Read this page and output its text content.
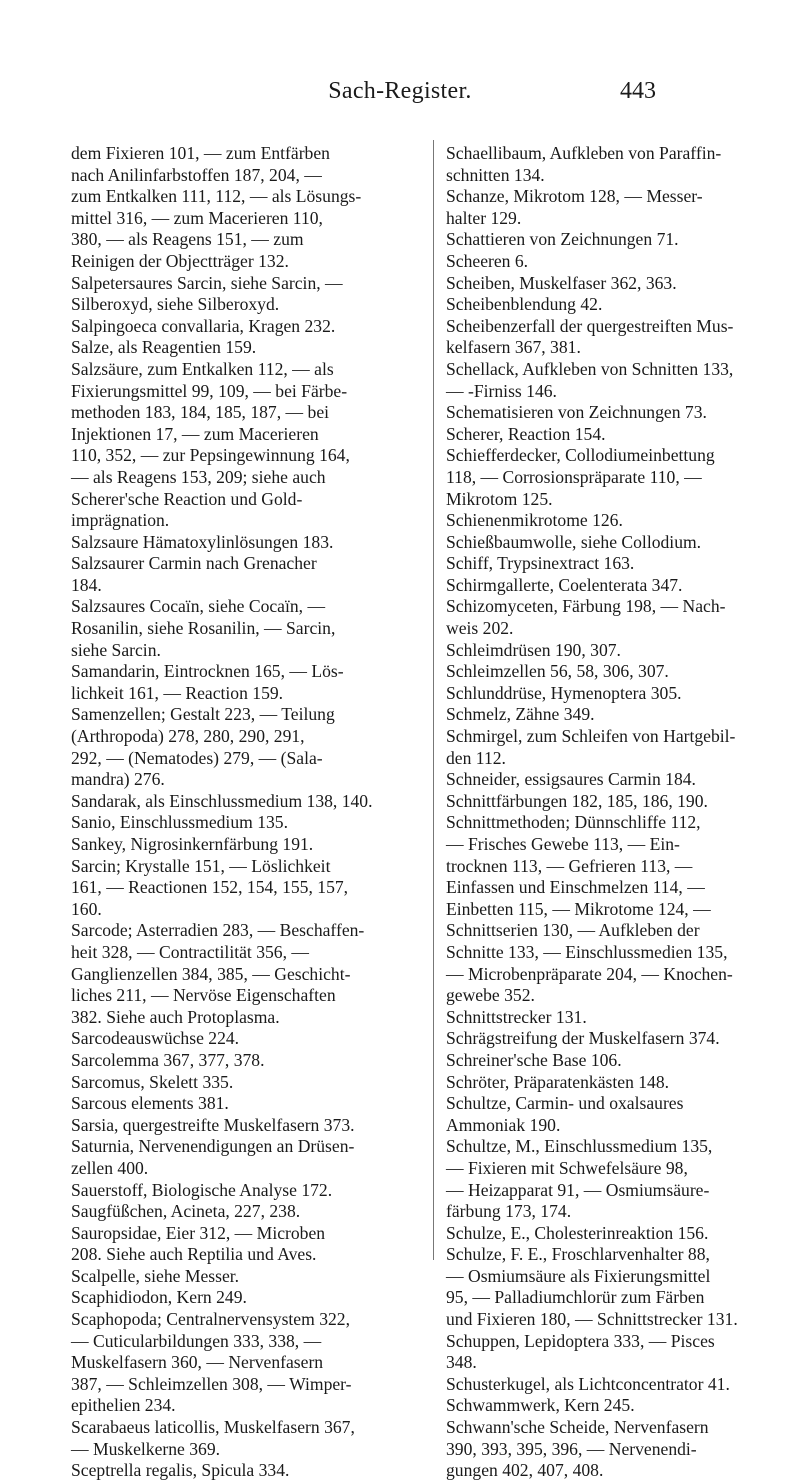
Sach-Register.	443
dem Fixieren 101, — zum Entfärben
nach Anilinfarbstoffen 187, 204, —
zum Entkalken 111, 112, — als Lösungs-
mittel 316, — zum Macerieren 110,
380, — als Reagens 151, — zum
Reinigen der Objectträger 132.
Salpetersaures Sarcin, siehe Sarcin, —
Silberoxyd, siehe Silberoxyd.
Salpingoeca convallaria, Kragen 232.
Salze, als Reagentien 159.
Salzsäure, zum Entkalken 112, — als
Fixierungsmittel 99, 109, — bei Färbe-
methoden 183, 184, 185, 187, — bei
Injektionen 17, — zum Macerieren
110, 352, — zur Pepsingewinnung 164,
— als Reagens 153, 209; siehe auch
Scherer'sche Reaction und Gold-
imprägnation.
Salzsaure Hämatoxylinlösungen 183.
Salzsaurer Carmin nach Grenacher
184.
Salzsaures Cocaïn, siehe Cocaïn, —
Rosanilin, siehe Rosanilin, — Sarcin,
siehe Sarcin.
Samandarin, Eintrocknen 165, — Lös-
lichkeit 161, — Reaction 159.
Samenzellen; Gestalt 223, — Teilung
(Arthropoda) 278, 280, 290, 291,
292, — (Nematodes) 279, — (Sala-
mandra) 276.
Sandarak, als Einschlussmedium 138, 140.
Sanio, Einschlussmedium 135.
Sankey, Nigrosinkernfärbung 191.
Sarcin; Krystalle 151, — Löslichkeit
161, — Reactionen 152, 154, 155, 157,
160.
Sarcode; Asterradien 283, — Beschaffen-
heit 328, — Contractilität 356, —
Ganglienzellen 384, 385, — Geschicht-
liches 211, — Nervöse Eigenschaften
382. Siehe auch Protoplasma.
Sarcodeauswüchse 224.
Sarcolemma 367, 377, 378.
Sarcomus, Skelett 335.
Sarcous elements 381.
Sarsia, quergestreifte Muskelfasern 373.
Saturnia, Nervenendigungen an Drüsen-
zellen 400.
Sauerstoff, Biologische Analyse 172.
Saugfüßchen, Acineta, 227, 238.
Sauropsidae, Eier 312, — Microben
208. Siehe auch Reptilia und Aves.
Scalpelle, siehe Messer.
Scaphidiodon, Kern 249.
Scaphopoda; Centralnervensystem 322,
— Cuticularbildungen 333, 338, —
Muskelfasern 360, — Nervenfasern
387, — Schleimzellen 308, — Wimper-
epithelien 234.
Scarabaeus laticollis, Muskelfasern 367,
— Muskelkerne 369.
Sceptrella regalis, Spicula 334.
Schaellibaum, Aufkleben von Paraffin-
schnitten 134.
Schanze, Mikrotom 128, — Messer-
halter 129.
Schattieren von Zeichnungen 71.
Scheeren 6.
Scheiben, Muskelfaser 362, 363.
Scheibenblendung 42.
Scheibenzerfall der quergestreiften Mus-
kelfasern 367, 381.
Schellack, Aufkleben von Schnitten 133,
— -Firniss 146.
Schematisieren von Zeichnungen 73.
Scherer, Reaction 154.
Schiefferdecker, Collodiumeinbettung
118, — Corrosionspräparate 110, —
Mikrotom 125.
Schienenmikrotome 126.
Schießbaumwolle, siehe Collodium.
Schiff, Trypsinextract 163.
Schirmgallerte, Coelenterata 347.
Schizomyceten, Färbung 198, — Nach-
weis 202.
Schleimdrüsen 190, 307.
Schleimzellen 56, 58, 306, 307.
Schlunddrüse, Hymenoptera 305.
Schmelz, Zähne 349.
Schmirgel, zum Schleifen von Hartgebil-
den 112.
Schneider, essigsaures Carmin 184.
Schnittfärbungen 182, 185, 186, 190.
Schnittmethoden; Dünnschliffe 112,
— Frisches Gewebe 113, — Ein-
trocknen 113, — Gefrieren 113, —
Einfassen und Einschmelzen 114, —
Einbetten 115, — Mikrotome 124, —
Schnittserien 130, — Aufkleben der
Schnitte 133, — Einschlussmedien 135,
— Microbenpräparate 204, — Knochen-
gewebe 352.
Schnittstrecker 131.
Schrägstreifung der Muskelfasern 374.
Schreiner'sche Base 106.
Schröter, Präparatenkästen 148.
Schultze, Carmin- und oxalsaures
Ammoniak 190.
Schultze, M., Einschlussmedium 135,
— Fixieren mit Schwefelsäure 98,
— Heizapparat 91, — Osmiumsäure-
färbung 173, 174.
Schulze, E., Cholesterinreaktion 156.
Schulze, F. E., Froschlarvenhalter 88,
— Osmiumsäure als Fixierungsmittel
95, — Palladiumchlorür zum Färben
und Fixieren 180, — Schnittstrecker 131.
Schuppen, Lepidoptera 333, — Pisces
348.
Schusterkugel, als Lichtconcentrator 41.
Schwammwerk, Kern 245.
Schwann'sche Scheide, Nervenfasern
390, 393, 395, 396, — Nervenendi-
gungen 402, 407, 408.
